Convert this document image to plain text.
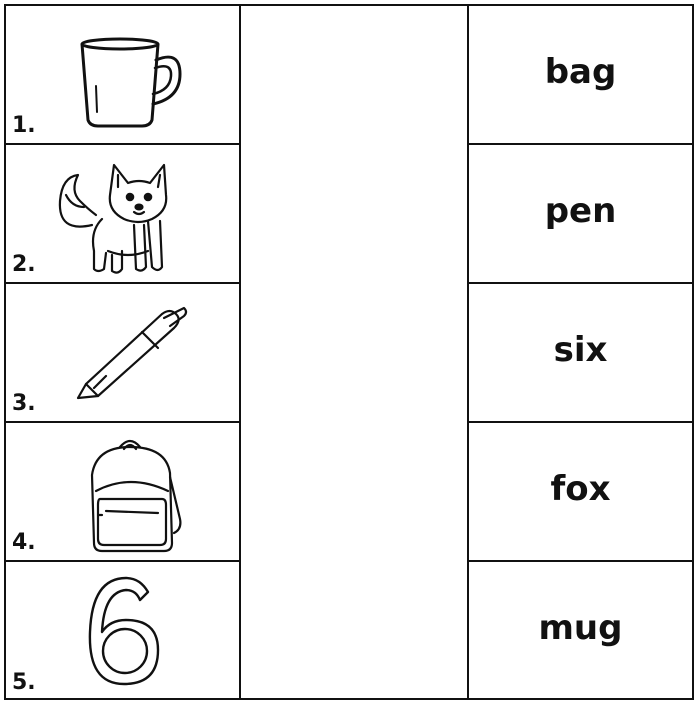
1.
2.
3.
4.
5.
bag
pen
six
fox
mug
